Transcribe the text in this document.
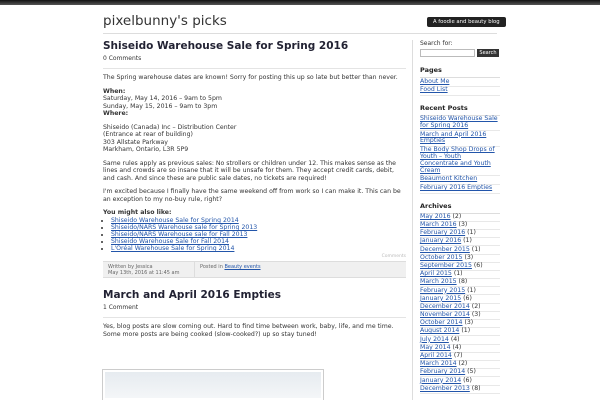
pixelbunny's picks	A foodie and beauty blog
Shiseido Warehouse Sale for Spring 2016
0 Comments

The Spring warehouse dates are known! Sorry for posting this up so late but better than never.

When:
Saturday, May 14, 2016 – 9am to 5pm
Sunday, May 15, 2016 – 9am to 3pm
Where:

Shiseido (Canada) Inc – Distribution Center
(Entrance at rear of building)
303 Allstate Parkway
Markham, Ontario, L3R 5P9

Same rules apply as previous sales: No strollers or children under 12. This makes sense as the lines and crowds are so insane that it will be unsafe for them. They accept credit cards, debit, and cash. And since these are public sale dates, no tickets are required!

I'm excited because I finally have the same weekend off from work so I can make it. This can be an exception to my no-buy rule, right?

You might also like:
• Shiseido Warehouse Sale for Spring 2014
• Shiseido/NARS Warehouse sale for Spring 2013
• Shiseido/NARS Warehouse sale for Fall 2013
• Shiseido Warehouse Sale for Fall 2014
• L'Oréal Warehouse Sale for Spring 2014
Comments
Written by Jessica
May 13th, 2016 at 11:45 am
Posted in Beauty events
March and April 2016 Empties
1 Comment

Yes, blog posts are slow coming out. Hard to find time between work, baby, life, and me time. Some more posts are being cooked (slow-cooked?) up so stay tuned!

Search for:
Search
Pages
About Me
Food List
Recent Posts
Shiseido Warehouse Sale for Spring 2016
March and April 2016 Empties
The Body Shop Drops of Youth – Youth Concentrate and Youth Cream
Beaumont Kitchen
February 2016 Empties
Archives
May 2016 (2)
March 2016 (3)
February 2016 (1)
January 2016 (1)
December 2015 (1)
October 2015 (3)
September 2015 (6)
April 2015 (1)
March 2015 (8)
February 2015 (1)
January 2015 (6)
December 2014 (2)
November 2014 (3)
October 2014 (3)
August 2014 (1)
July 2014 (4)
May 2014 (4)
April 2014 (7)
March 2014 (2)
February 2014 (5)
January 2014 (6)
December 2013 (8)
